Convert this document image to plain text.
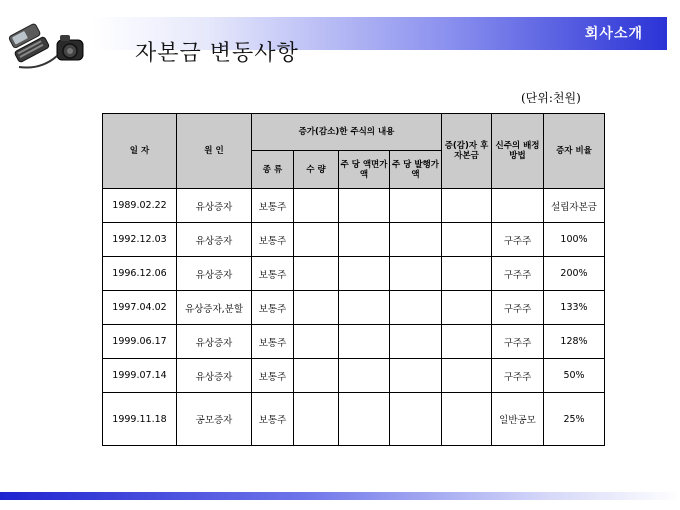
회사소개
자본금 변동사항
(단위:천원)
일 자	원 인	증가(감소)한 주식의 내용				증(감)자 후 자본금	신주의 배정 방법	증자 비율
		종 류	수 량	주 당 액면가액	주 당 발행가액			
1989.02.22	유상증자	보통주						설립자본금
1992.12.03	유상증자	보통주					구주주	100%
1996.12.06	유상증자	보통주					구주주	200%
1997.04.02	유상증자,분할	보통주					구주주	133%
1999.06.17	유상증자	보통주					구주주	128%
1999.07.14	유상증자	보통주					구주주	50%
1999.11.18	공모증자	보통주					일반공모	25%
